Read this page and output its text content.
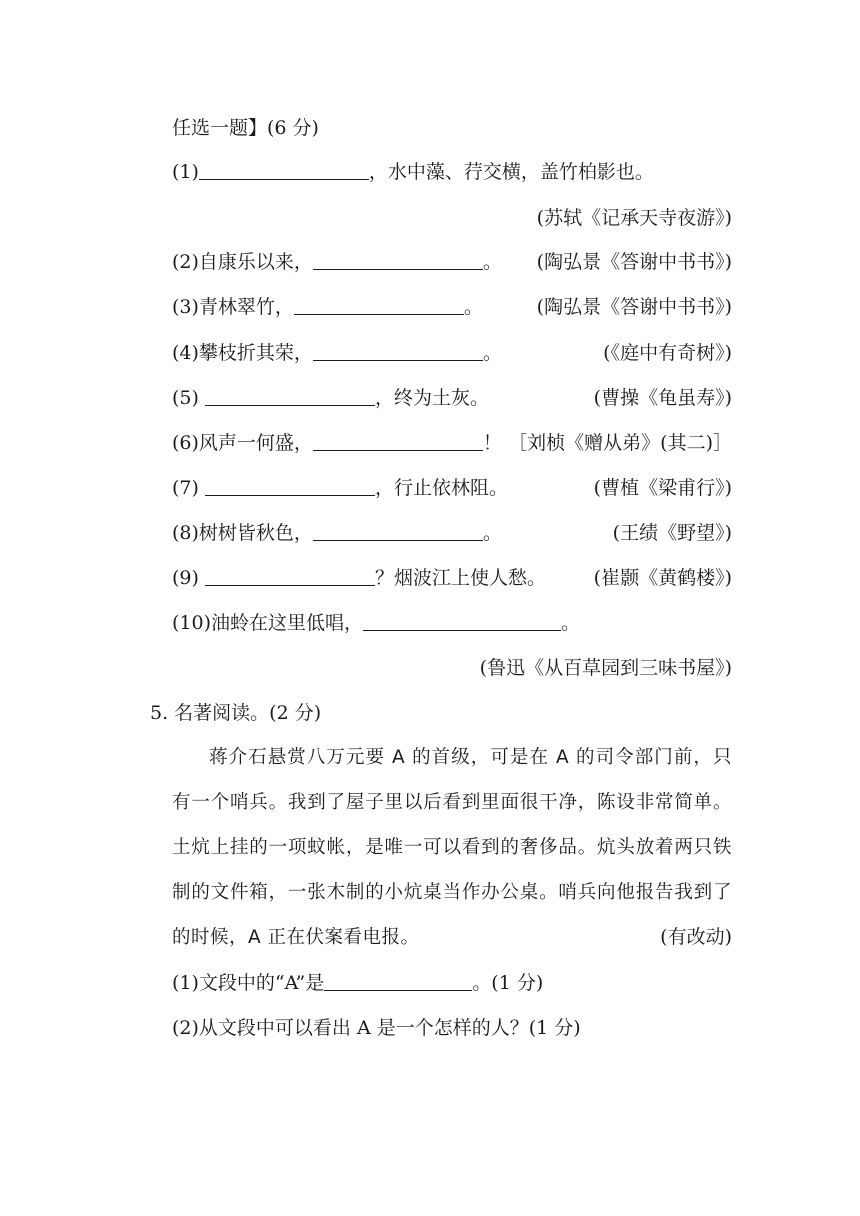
任选一题】(6 分)
(1)	，水中藻、荇交横，盖竹柏影也。
(苏轼《记承天寺夜游》)
(2)自康乐以来，	。 (陶弘景《答谢中书书》)
(3)青林翠竹，	。	(陶弘景《答谢中书书》)
(4)攀枝折其荣，	。	(《庭中有奇树》)
(5)	，终为土灰。	(曹操《龟虽寿》)
(6)风声一何盛，	！ ［刘桢《赠从弟》(其二)］
(7)	，行止依林阻。	(曹植《梁甫行》)
(8)树树皆秋色，	。	(王绩《野望》)
(9)	？烟波江上使人愁。	(崔颢《黄鹤楼》)
(10)油蛉在这里低唱，	。
(鲁迅《从百草园到三味书屋》)
5. 名著阅读。(2 分)
蒋介石悬赏八万元要 A 的首级，可是在 A 的司令部门前，只有一个哨兵。我到了屋子里以后看到里面很干净，陈设非常简单。土炕上挂的一项蚊帐，是唯一可以看到的奢侈品。炕头放着两只铁制的文件箱，一张木制的小炕桌当作办公桌。哨兵向他报告我到了的时候，A 正在伏案看电报。	(有改动)
(1)文段中的“A”是	。(1 分)
(2)从文段中可以看出 A 是一个怎样的人？(1 分)
